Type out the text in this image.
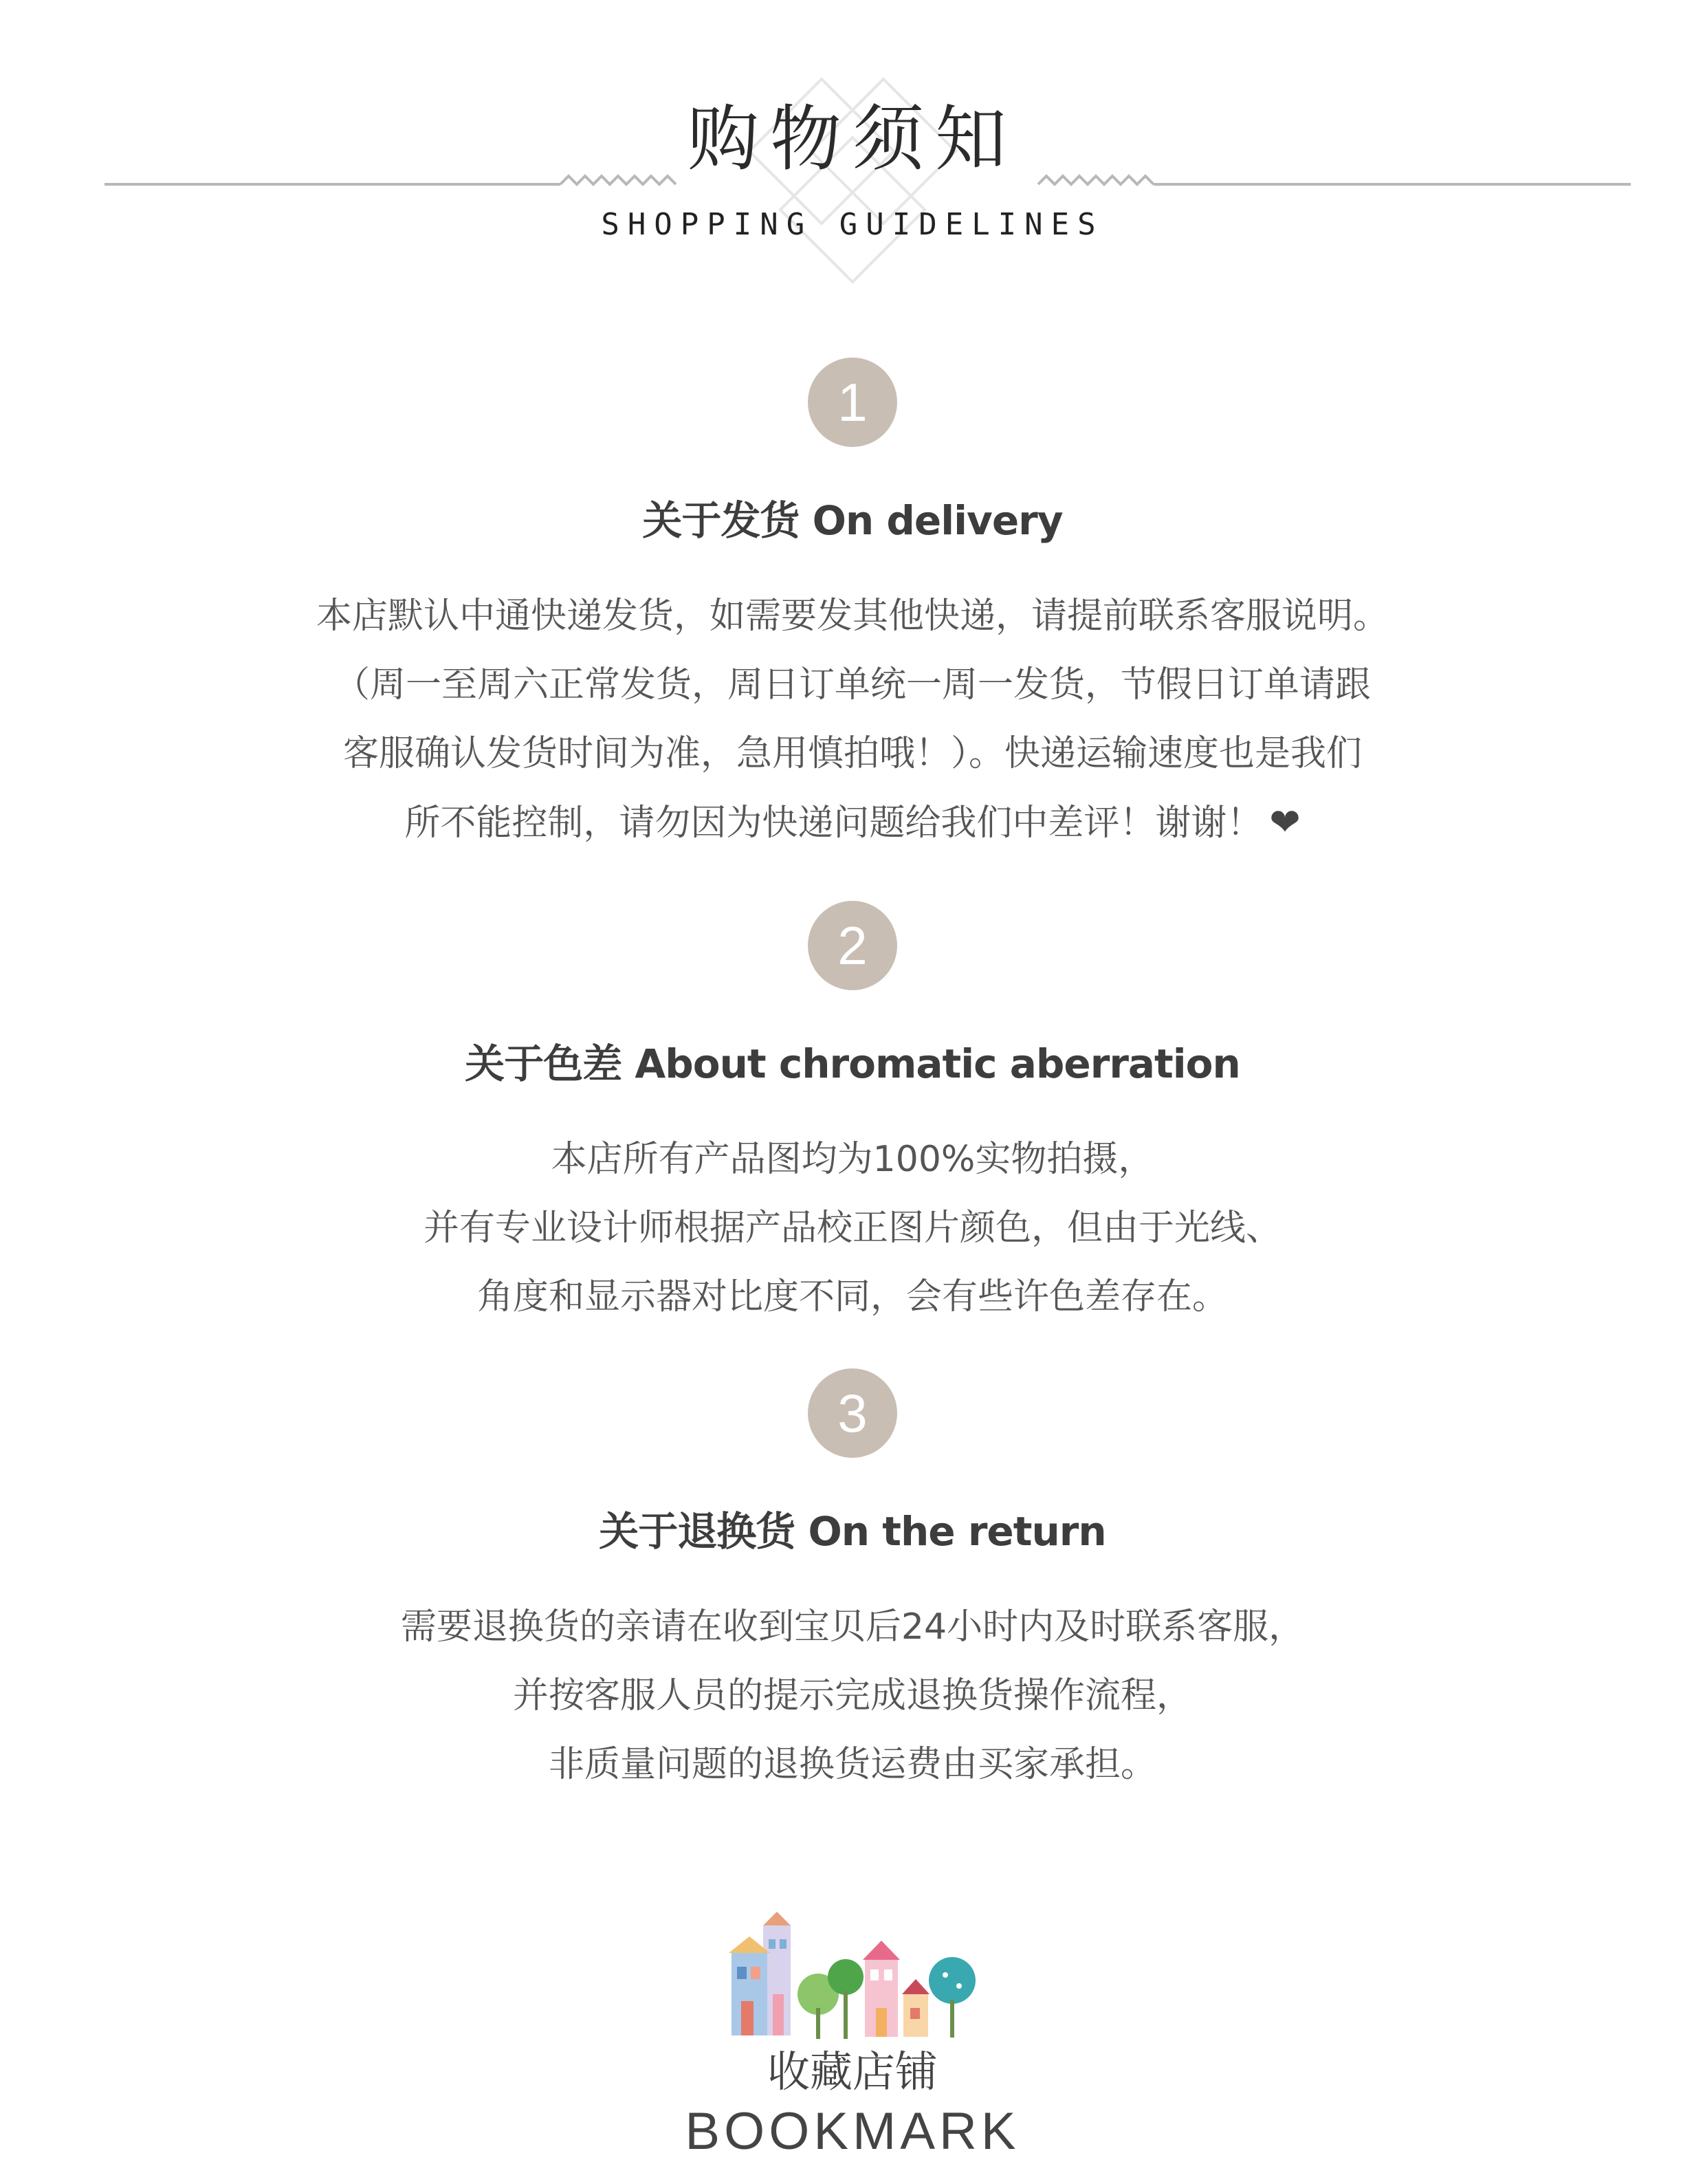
购物须知
SHOPPING GUIDELINES
1
关于发货 On delivery
本店默认中通快递发货，如需要发其他快递，请提前联系客服说明。
（周一至周六正常发货，周日订单统一周一发货，节假日订单请跟
客服确认发货时间为准，急用慎拍哦！）。快递运输速度也是我们
所不能控制，请勿因为快递问题给我们中差评！谢谢！ ❤
2
关于色差 About chromatic aberration
本店所有产品图均为100%实物拍摄，
并有专业设计师根据产品校正图片颜色，但由于光线、
角度和显示器对比度不同，会有些许色差存在。
3
关于退换货 On the return
需要退换货的亲请在收到宝贝后24小时内及时联系客服，
并按客服人员的提示完成退换货操作流程，
非质量问题的退换货运费由买家承担。
收藏店铺
BOOKMARK
